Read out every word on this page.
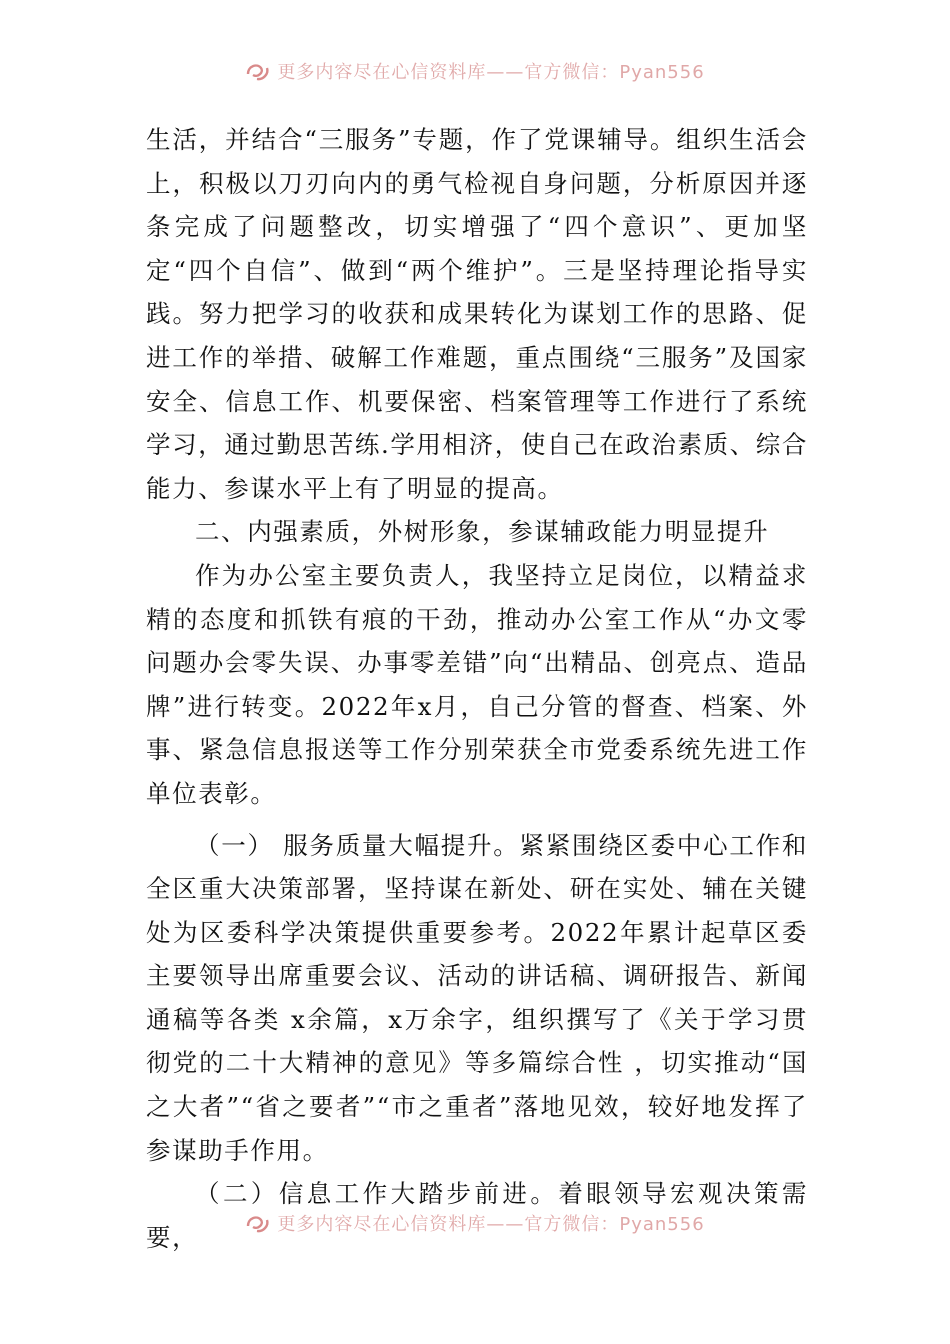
更多内容尽在心信资料库——官方微信：Pyan556

生活，并结合“三服务”专题，作了党课辅导。组织生活会上，积极以刀刃向内的勇气检视自身问题，分析原因并逐条完成了问题整改，切实增强了“四个意识”、更加坚定“四个自信”、做到“两个维护”。三是坚持理论指导实践。努力把学习的收获和成果转化为谋划工作的思路、促进工作的举措、破解工作难题，重点围绕“三服务”及国家安全、信息工作、机要保密、档案管理等工作进行了系统学习，通过勤思苦练.学用相济，使自己在政治素质、综合能力、参谋水平上有了明显的提高。

二、内强素质，外树形象，参谋辅政能力明显提升

作为办公室主要负责人，我坚持立足岗位，以精益求精的态度和抓铁有痕的干劲，推动办公室工作从“办文零问题办会零失误、办事零差错”向“出精品、创亮点、造品牌”进行转变。2022年x月，自己分管的督查、档案、外事、紧急信息报送等工作分别荣获全市党委系统先进工作单位表彰。

（一） 服务质量大幅提升。紧紧围绕区委中心工作和全区重大决策部署，坚持谋在新处、研在实处、辅在关键处为区委科学决策提供重要参考。2022年累计起草区委主要领导出席重要会议、活动的讲话稿、调研报告、新闻通稿等各类 x余篇，x万余字，组织撰写了《关于学习贯彻党的二十大精神的意见》等多篇综合性 ，切实推动“国之大者”“省之要者”“市之重者”落地见效，较好地发挥了参谋助手作用。

（二）信息工作大踏步前进。着眼领导宏观决策需要，	更多内容尽在心信资料库——官方微信：Pyan556
